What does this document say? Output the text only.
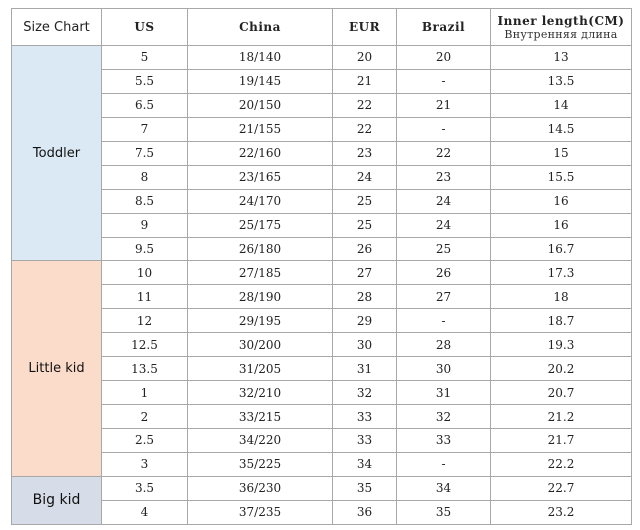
Size Chart	US	China	EUR	Brazil	Inner length(CM)
Внутренняя длина

Toddler	5	18/140	20	20	13
	5.5	19/145	21	-	13.5
	6.5	20/150	22	21	14
	7	21/155	22	-	14.5
	7.5	22/160	23	22	15
	8	23/165	24	23	15.5
	8.5	24/170	25	24	16
	9	25/175	25	24	16
	9.5	26/180	26	25	16.7
Little kid	10	27/185	27	26	17.3
	11	28/190	28	27	18
	12	29/195	29	-	18.7
	12.5	30/200	30	28	19.3
	13.5	31/205	31	30	20.2
	1	32/210	32	31	20.7
	2	33/215	33	32	21.2
	2.5	34/220	33	33	21.7
	3	35/225	34	-	22.2
Big kid	3.5	36/230	35	34	22.7
	4	37/235	36	35	23.2
